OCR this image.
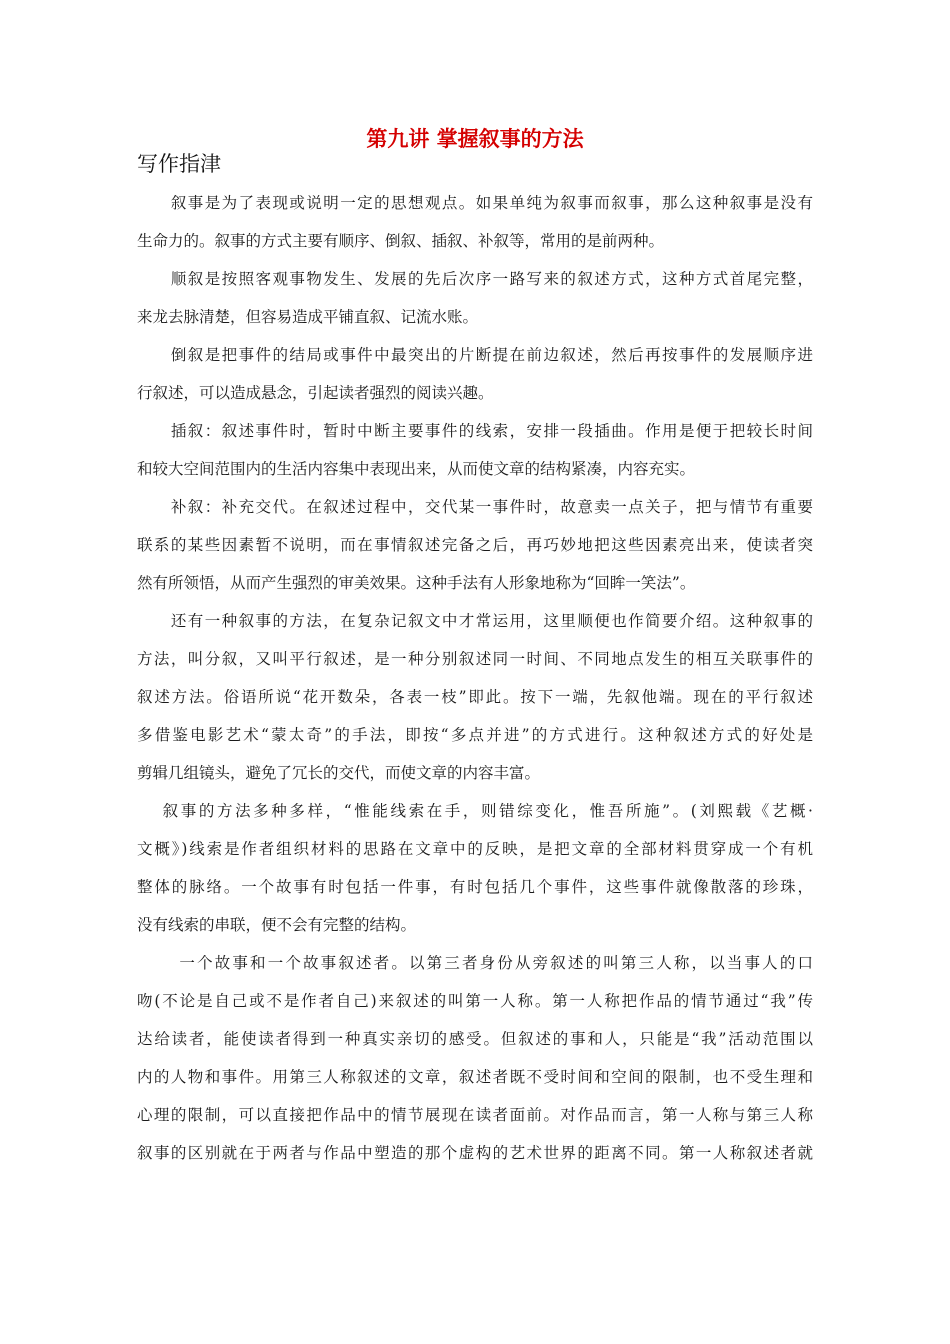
第九讲 掌握叙事的方法
写作指津
　　叙事是为了表现或说明一定的思想观点。如果单纯为叙事而叙事，那么这种叙事是没有
生命力的。叙事的方式主要有顺序、倒叙、插叙、补叙等，常用的是前两种。
　　顺叙是按照客观事物发生、发展的先后次序一路写来的叙述方式，这种方式首尾完整，
来龙去脉清楚，但容易造成平铺直叙、记流水账。
　　倒叙是把事件的结局或事件中最突出的片断提在前边叙述，然后再按事件的发展顺序进
行叙述，可以造成悬念，引起读者强烈的阅读兴趣。
　　插叙：叙述事件时，暂时中断主要事件的线索，安排一段插曲。作用是便于把较长时间
和较大空间范围内的生活内容集中表现出来，从而使文章的结构紧凑，内容充实。
　　补叙：补充交代。在叙述过程中，交代某一事件时，故意卖一点关子，把与情节有重要
联系的某些因素暂不说明，而在事情叙述完备之后，再巧妙地把这些因素亮出来，使读者突
然有所领悟，从而产生强烈的审美效果。这种手法有人形象地称为“回眸一笑法”。
　　还有一种叙事的方法，在复杂记叙文中才常运用，这里顺便也作简要介绍。这种叙事的
方法，叫分叙，又叫平行叙述，是一种分别叙述同一时间、不同地点发生的相互关联事件的
叙述方法。俗语所说“花开数朵，各表一枝”即此。按下一端，先叙他端。现在的平行叙述
多借鉴电影艺术“蒙太奇”的手法，即按“多点并进”的方式进行。这种叙述方式的好处是
剪辑几组镜头，避免了冗长的交代，而使文章的内容丰富。
　 叙事的方法多种多样，“惟能线索在手，则错综变化，惟吾所施”。(刘熙载《艺概·
文概》)线索是作者组织材料的思路在文章中的反映，是把文章的全部材料贯穿成一个有机
整体的脉络。一个故事有时包括一件事，有时包括几个事件，这些事件就像散落的珍珠，
没有线索的串联，便不会有完整的结构。
　　 一个故事和一个故事叙述者。以第三者身份从旁叙述的叫第三人称，以当事人的口
吻(不论是自己或不是作者自己)来叙述的叫第一人称。第一人称把作品的情节通过“我”传
达给读者，能使读者得到一种真实亲切的感受。但叙述的事和人，只能是“我”活动范围以
内的人物和事件。用第三人称叙述的文章，叙述者既不受时间和空间的限制，也不受生理和
心理的限制，可以直接把作品中的情节展现在读者面前。对作品而言，第一人称与第三人称
叙事的区别就在于两者与作品中塑造的那个虚构的艺术世界的距离不同。第一人称叙述者就
